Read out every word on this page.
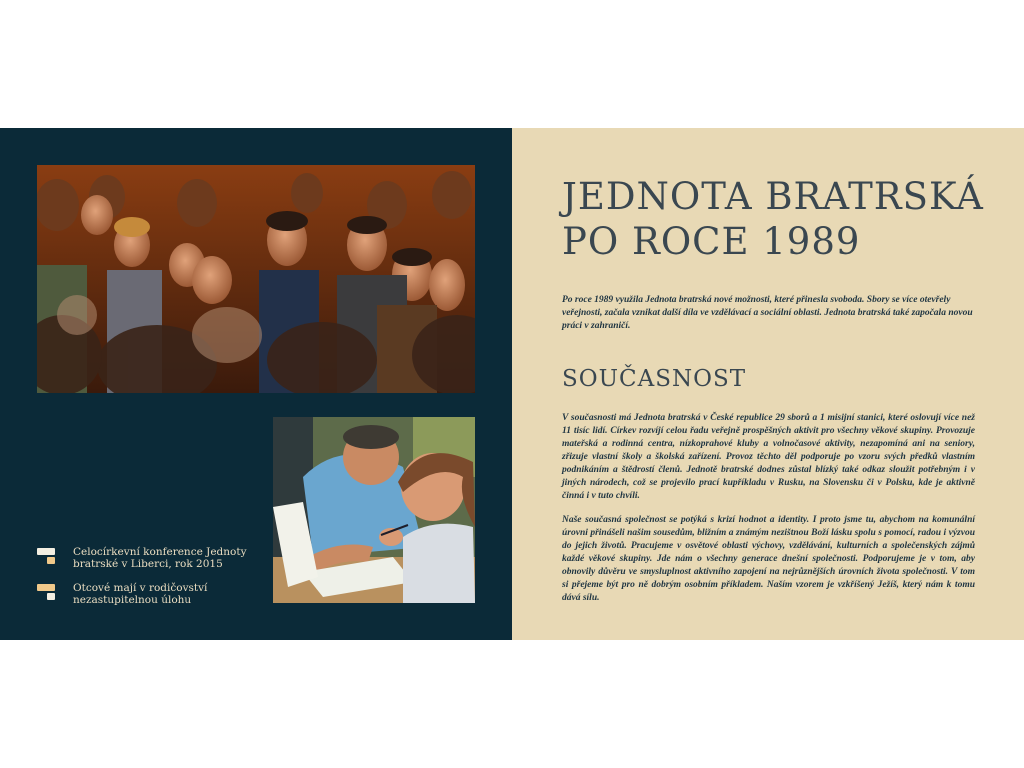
Celocírkevní konference Jednoty bratrské v Liberci, rok 2015
Otcové mají v rodičovství nezastupitelnou úlohu
JEDNOTA BRATRSKÁ PO ROCE 1989

Po roce 1989 využila Jednota bratrská nové možnosti, které přinesla svoboda. Sbory se více otevřely veřejnosti, začala vznikat další díla ve vzdělávací a sociální oblasti. Jednota bratrská také započala novou práci v zahraničí.

SOUČASNOST

V současnosti má Jednota bratrská v České republice 29 sborů a 1 misijní stanici, které oslovují více než 11 tisíc lidí. Církev rozvíjí celou řadu veřejně prospěšných aktivit pro všechny věkové skupiny. Provozuje mateřská a rodinná centra, nízkoprahové kluby a volnočasové aktivity, nezapomíná ani na seniory, zřizuje vlastní školy a školská zařízení. Provoz těchto děl podporuje po vzoru svých předků vlastním podnikáním a štědrostí členů. Jednotě bratrské dodnes zůstal blízký také odkaz sloužit potřebným i v jiných národech, což se projevilo prací kupříkladu v Rusku, na Slovensku či v Polsku, kde je aktivně činná i v tuto chvíli.

Naše současná společnost se potýká s krizí hodnot a identity. I proto jsme tu, abychom na komunální úrovni přinášeli našim sousedům, bližním a známým nezištnou Boží lásku spolu s pomocí, radou i výzvou do jejich životů. Pracujeme v osvětové oblasti výchovy, vzdělávání, kulturních a společenských zájmů každé věkové skupiny. Jde nám o všechny generace dnešní společnosti. Podporujeme je v tom, aby obnovily důvěru ve smysluplnost aktivního zapojení na nejrůznějších úrovních života společnosti. V tom si přejeme být pro ně dobrým osobním příkladem. Naším vzorem je vzkříšený Ježíš, který nám k tomu dává sílu.
